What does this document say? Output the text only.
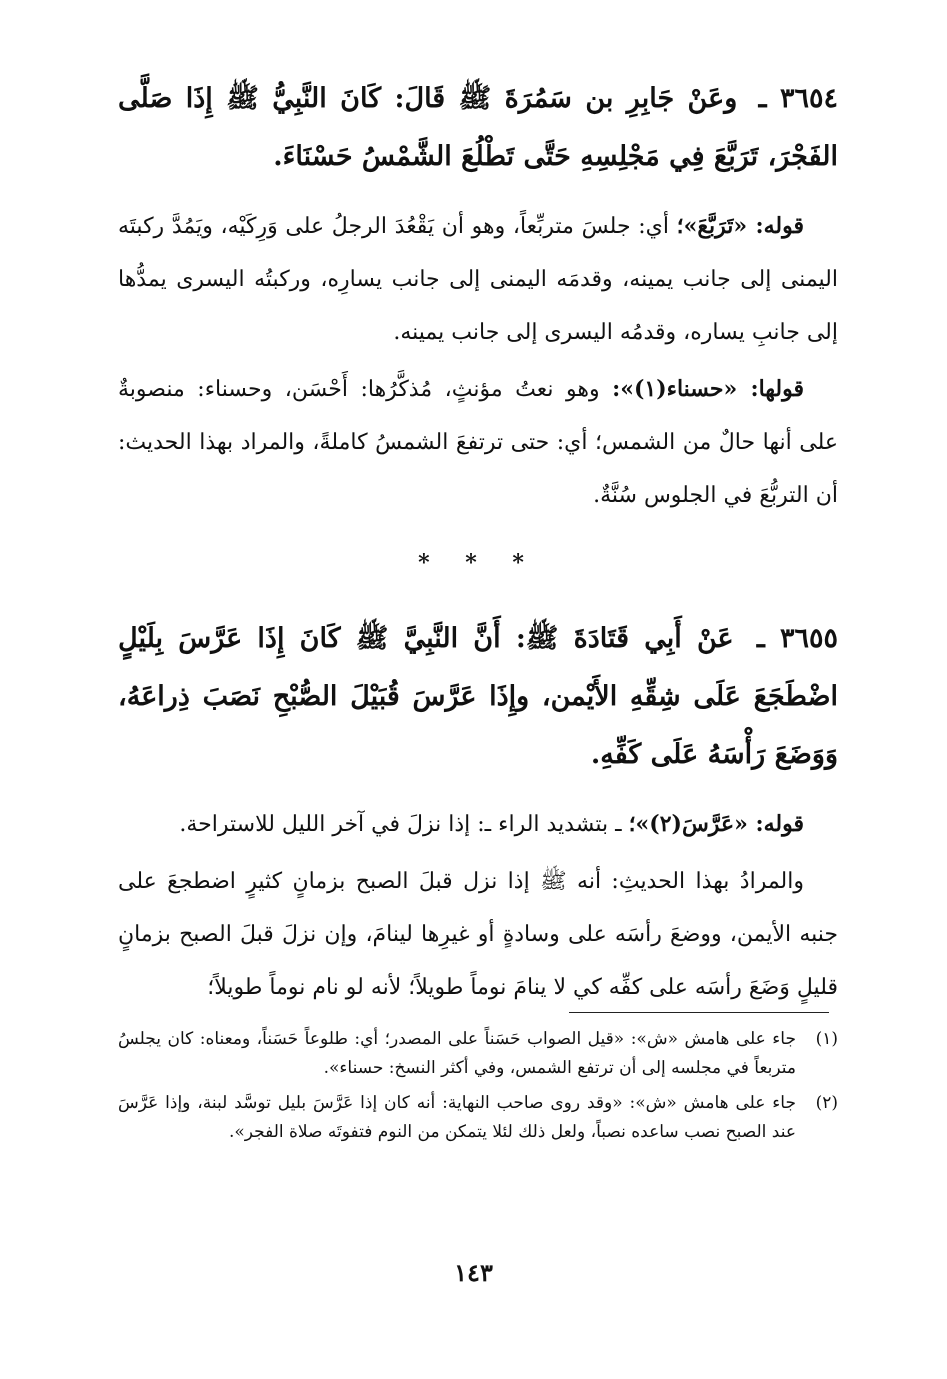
٣٦٥٤ ـ وعَنْ جَابِرِ بن سَمُرَةَ ﷺ قَالَ: كَانَ النَّبِيُّ ﷺ إِذَا صَلَّى الفَجْرَ، تَرَبَّعَ فِي مَجْلِسِهِ حَتَّى تَطْلُعَ الشَّمْسُ حَسْنَاءَ.

قوله: «تَرَبَّعَ»؛ أي: جلسَ متربِّعاً، وهو أن يَقْعُدَ الرجلُ على وَرِكَيْه، ويَمُدَّ ركبتَه اليمنى إلى جانب يمينه، وقدمَه اليمنى إلى جانب يسارِه، وركبتُه اليسرى يمدُّها إلى جانبِ يساره، وقدمُه اليسرى إلى جانب يمينه.

قولها: «حسناء(١)»: وهو نعتُ مؤنثٍ، مُذكَّرُها: أَحْسَن، وحسناء: منصوبةٌ على أنها حالٌ من الشمس؛ أي: حتى ترتفعَ الشمسُ كاملةً، والمراد بهذا الحديث: أن التربُّعَ في الجلوس سُنَّةٌ.

* * *

٣٦٥٥ ـ عَنْ أَبِي قَتَادَةَ ﷺ: أَنَّ النَّبِيَّ ﷺ كَانَ إِذَا عَرَّسَ بِلَيْلٍ اضْطَجَعَ عَلَى شِقِّهِ الأَيْمن، وإِذَا عَرَّسَ قُبَيْلَ الصُّبْحِ نَصَبَ ذِراعَهُ، وَوَضَعَ رَأْسَهُ عَلَى كَفِّهِ.

قوله: «عَرَّسَ(٢)»؛ ـ بتشديد الراء ـ: إذا نزلَ في آخر الليل للاستراحة.

والمرادُ بهذا الحديثِ: أنه ﷺ إذا نزل قبلَ الصبح بزمانٍ كثيرٍ اضطجعَ على جنبه الأيمن، ووضعَ رأسَه على وسادةٍ أو غيرِها لينامَ، وإن نزلَ قبلَ الصبح بزمانٍ قليلٍ وَضَعَ رأسَه على كفِّه كي لا ينامَ نوماً طويلاً؛ لأنه لو نام نوماً طويلاً؛

(١)
جاء على هامش «ش»: «قيل الصواب حَسَناً على المصدر؛ أي: طلوعاً حَسَناً، ومعناه: كان يجلسُ متربعاً في مجلسه إلى أن ترتفع الشمس، وفي أكثر النسخ: حسناء».
(٢)
جاء على هامش «ش»: «وقد روى صاحب النهاية: أنه كان إذا عَرَّسَ بليل توسَّد لبنة، وإذا عَرَّسَ عند الصبح نصب ساعده نصباً، ولعل ذلك لئلا يتمكن من النوم فتفوتَه صلاة الفجر».
١٤٣
